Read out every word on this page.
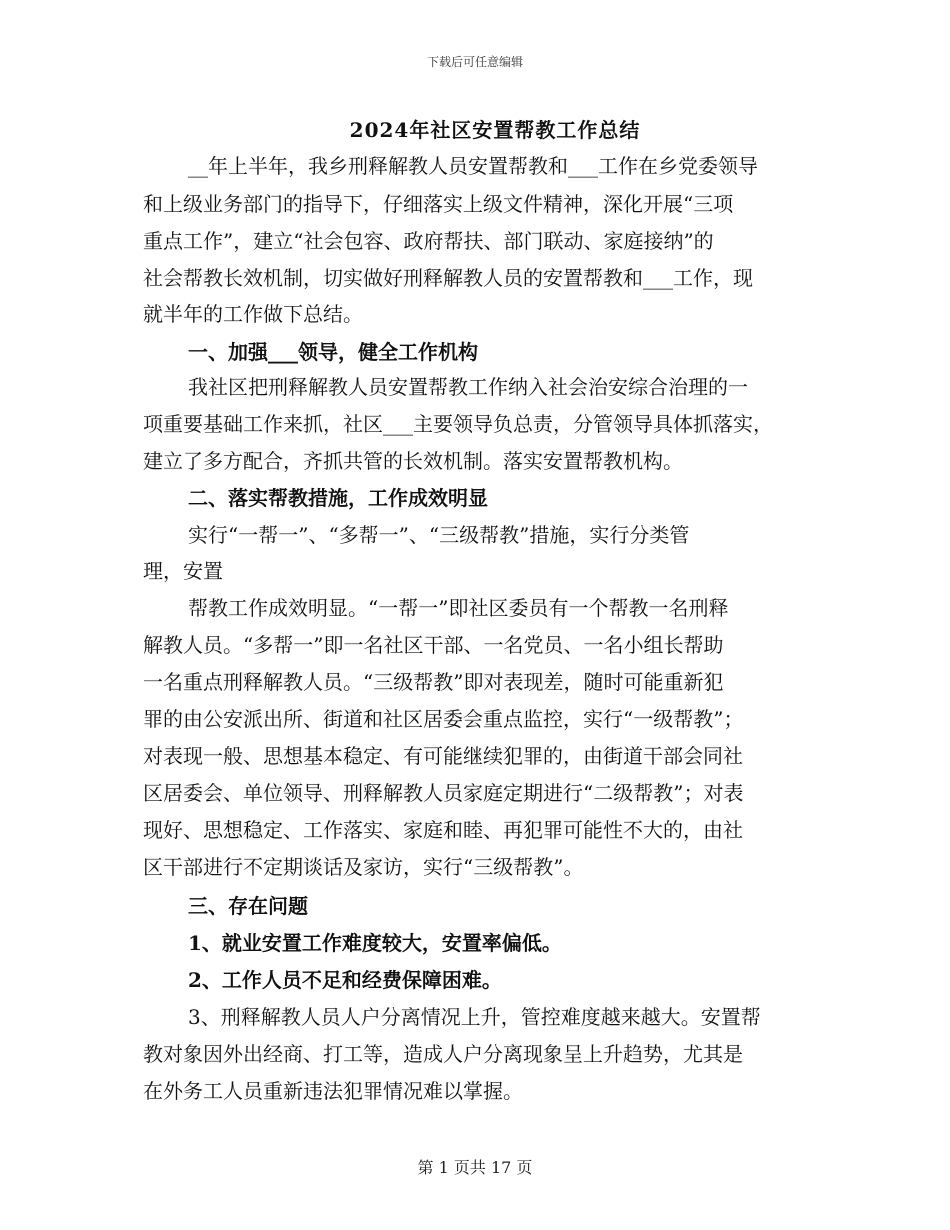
下载后可任意编辑
2024年社区安置帮教工作总结
__年上半年，我乡刑释解教人员安置帮教和___工作在乡党委领导
和上级业务部门的指导下，仔细落实上级文件精神，深化开展“三项
重点工作”，建立“社会包容、政府帮扶、部门联动、家庭接纳”的
社会帮教长效机制，切实做好刑释解教人员的安置帮教和___工作，现
就半年的工作做下总结。
一、加强___领导，健全工作机构
我社区把刑释解教人员安置帮教工作纳入社会治安综合治理的一
项重要基础工作来抓，社区___主要领导负总责，分管领导具体抓落实，
建立了多方配合，齐抓共管的长效机制。落实安置帮教机构。
二、落实帮教措施，工作成效明显
实行“一帮一”、“多帮一”、“三级帮教”措施，实行分类管
理，安置
帮教工作成效明显。“一帮一”即社区委员有一个帮教一名刑释
解教人员。“多帮一”即一名社区干部、一名党员、一名小组长帮助
一名重点刑释解教人员。“三级帮教”即对表现差，随时可能重新犯
罪的由公安派出所、街道和社区居委会重点监控，实行“一级帮教”；
对表现一般、思想基本稳定、有可能继续犯罪的，由街道干部会同社
区居委会、单位领导、刑释解教人员家庭定期进行“二级帮教”；对表
现好、思想稳定、工作落实、家庭和睦、再犯罪可能性不大的，由社
区干部进行不定期谈话及家访，实行“三级帮教”。
三、存在问题
1、就业安置工作难度较大，安置率偏低。
2、工作人员不足和经费保障困难。
3、刑释解教人员人户分离情况上升，管控难度越来越大。安置帮
教对象因外出经商、打工等，造成人户分离现象呈上升趋势，尤其是
在外务工人员重新违法犯罪情况难以掌握。
第 1 页共 17 页
